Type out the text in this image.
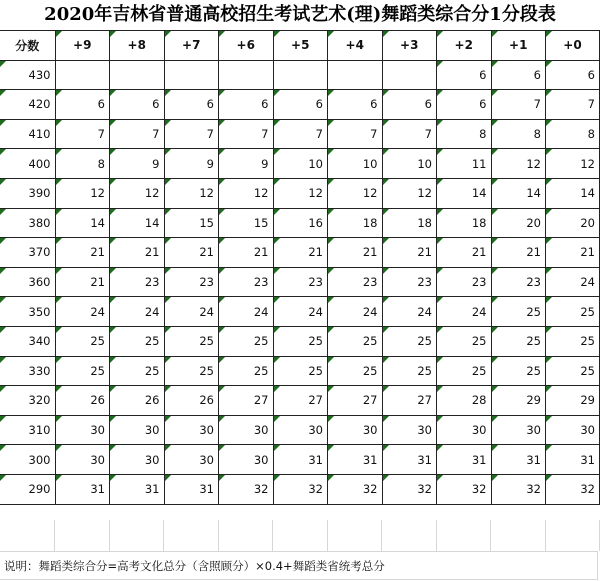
2020年吉林省普通高校招生考试艺术(理)舞蹈类综合分1分段表
分数	+9	+8	+7	+6	+5	+4	+3	+2	+1	+0
430								6	6	6
420	6	6	6	6	6	6	6	6	7	7
410	7	7	7	7	7	7	7	8	8	8
400	8	9	9	9	10	10	10	11	12	12
390	12	12	12	12	12	12	12	14	14	14
380	14	14	15	15	16	18	18	18	20	20
370	21	21	21	21	21	21	21	21	21	21
360	21	23	23	23	23	23	23	23	23	24
350	24	24	24	24	24	24	24	24	25	25
340	25	25	25	25	25	25	25	25	25	25
330	25	25	25	25	25	25	25	25	25	25
320	26	26	26	27	27	27	27	28	29	29
310	30	30	30	30	30	30	30	30	30	30
300	30	30	30	30	31	31	31	31	31	31
290	31	31	31	32	32	32	32	32	32	32
说明：舞蹈类综合分=高考文化总分（含照顾分）×0.4+舞蹈类省统考总分
